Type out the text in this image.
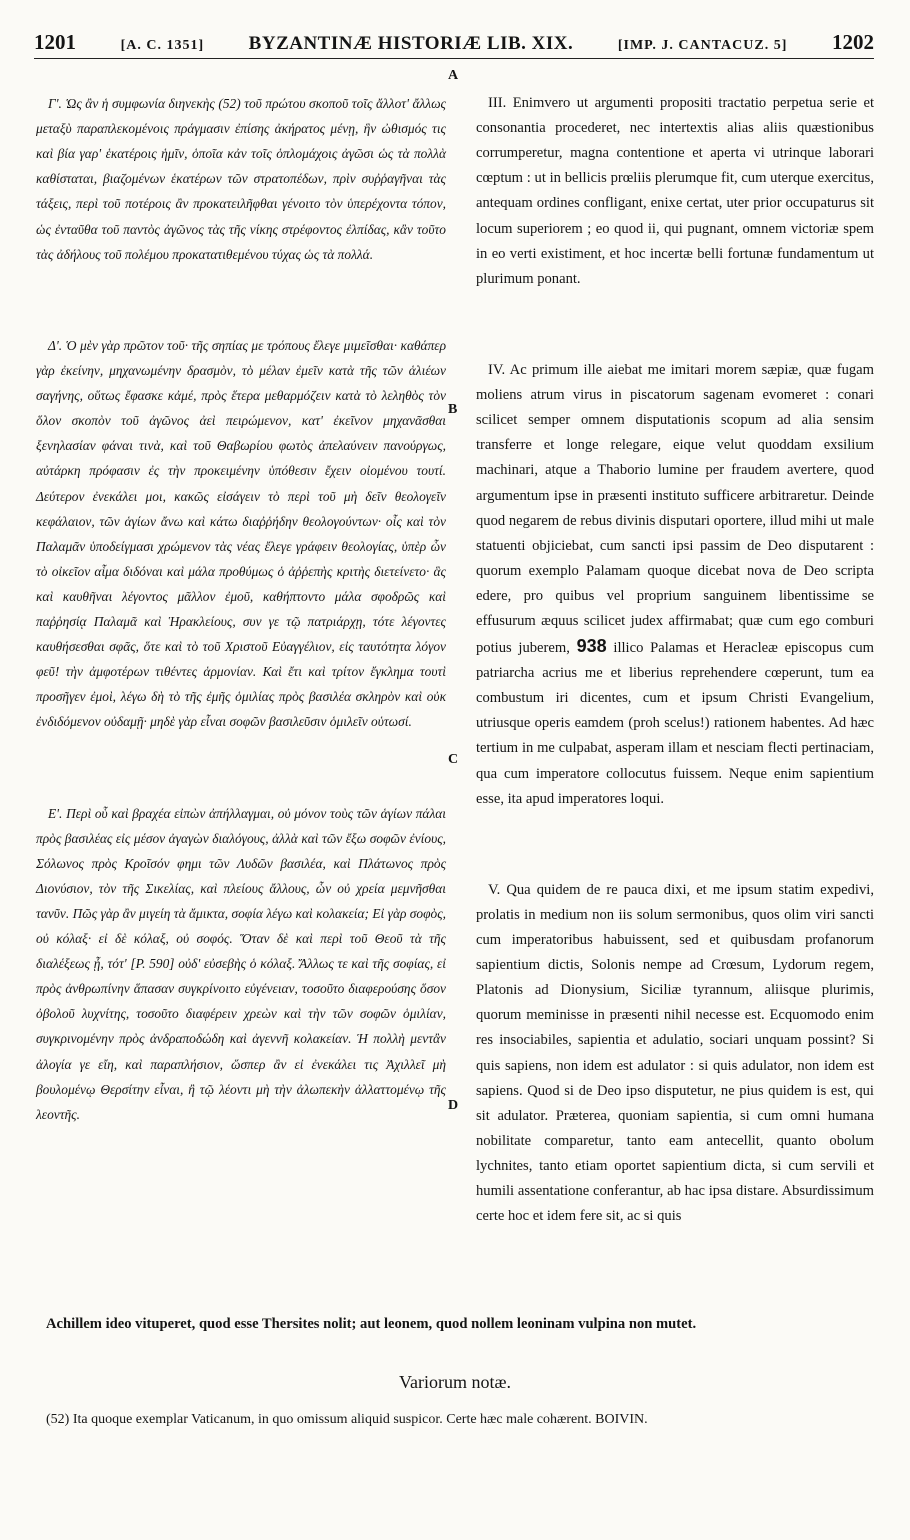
1201	[A. C. 1351] BYZANTINÆ HISTORIÆ LIB. XIX.	[IMP. J. CANTACUZ. 5] 1202

Γ'. Ὡς ἂν ἡ συμφωνία διηνεκὴς (52) τοῦ πρώτου σκοποῦ τοῖς ἄλλοτ' ἄλλως μεταξὺ παραπλεκομένοις πράγμασιν ἐπίσης ἀκήρατος μένῃ, ἣν ὠθισμός τις καὶ βία γαρ' ἑκατέροις ἡμῖν, ὁποῖα κἀν τοῖς ὁπλομάχοις ἀγῶσι ὡς τὰ πολλὰ καθίσταται, βιαζομένων ἑκατέρων τῶν στρατοπέδων, πρὶν συῤῥαγῆναι τὰς τάξεις, περὶ τοῦ ποτέροις ἂν προκατειλῆφθαι γένοιτο τὸν ὑπερέχοντα τόπον, ὡς ἐνταῦθα τοῦ παντὸς ἀγῶνος τὰς τῆς νίκης στρέφοντος ἐλπίδας, κἂν τοῦτο τὰς ἀδήλους τοῦ πολέμου προκατατιθεμένου τύχας ὡς τὰ πολλά.

Δ'. Ὁ μὲν γὰρ πρῶτον τοῦ· τῆς σηπίας με τρόπους ἔλεγε μιμεῖσθαι· καθάπερ γὰρ ἐκείνην, μηχανωμένην δρασμὸν, τὸ μέλαν ἐμεῖν κατὰ τῆς τῶν ἁλιέων σαγήνης, οὕτως ἔφασκε κἀμέ, πρὸς ἕτερα μεθαρμόζειν κατὰ τὸ λεληθὸς τὸν ὅλον σκοπὸν τοῦ ἀγῶνος ἀεὶ πειρώμενον, κατ' ἐκεῖνον μηχανᾶσθαι ξενηλασίαν φάναι τινὰ, καὶ τοῦ Θαβωρίου φωτὸς ἀπελαύνειν πανούργως, αὐτάρκη πρόφασιν ἐς τὴν προκειμένην ὑπόθεσιν ἔχειν οἰομένου τουτί. Δεύτερον ἐνεκάλει μοι, κακῶς εἰσάγειν τὸ περὶ τοῦ μὴ δεῖν θεολογεῖν κεφάλαιον, τῶν ἁγίων ἄνω καὶ κάτω διαῤῥήδην θεολογούντων· οἷς καὶ τὸν Παλαμᾶν ὑποδείγμασι χρώμενον τὰς νέας ἔλεγε γράφειν θεολογίας, ὑπὲρ ὧν τὸ οἰκεῖον αἷμα διδόναι καὶ μάλα προθύμως ὁ ἀῤῥεπὴς κριτὴς διετείνετο· ἃς καὶ καυθῆναι λέγοντος μᾶλλον ἐμοῦ, καθήπτοντο μάλα σφοδρῶς καὶ παῤῥησίᾳ Παλαμᾶ καὶ Ἡρακλείους, συν γε τῷ πατριάρχῃ, τότε λέγοντες καυθήσεσθαι σφᾶς, ὅτε καὶ τὸ τοῦ Χριστοῦ Εὐαγγέλιον, εἰς ταυτότητα λόγον φεῦ! τὴν ἀμφοτέρων τιθέντες ἁρμονίαν. Καὶ ἔτι καὶ τρίτον ἔγκλημα τουτὶ προσῆγεν ἐμοὶ, λέγω δὴ τὸ τῆς ἐμῆς ὁμιλίας πρὸς βασιλέα σκληρὸν καὶ οὐκ ἐνδιδόμενον οὐδαμῇ· μηδὲ γὰρ εἶναι σοφῶν βασιλεῦσιν ὁμιλεῖν οὑτωσί.

Ε'. Περὶ οὗ καὶ βραχέα εἰπὼν ἀπήλλαγμαι, οὐ μόνον τοὺς τῶν ἁγίων πάλαι πρὸς βασιλέας εἰς μέσον ἀγαγὼν διαλόγους, ἀλλὰ καὶ τῶν ἔξω σοφῶν ἐνίους, Σόλωνος πρὸς Κροῖσόν φημι τῶν Λυδῶν βασιλέα, καὶ Πλάτωνος πρὸς Διονύσιον, τὸν τῆς Σικελίας, καὶ πλείους ἄλλους, ὧν οὐ χρεία μεμνῆσθαι τανῦν. Πῶς γὰρ ἂν μιγείη τὰ ἄμικτα, σοφία λέγω καὶ κολακεία; Εἰ γὰρ σοφὸς, οὐ κόλαξ· εἰ δὲ κόλαξ, οὐ σοφός. Ὅταν δὲ καὶ περὶ τοῦ Θεοῦ τὰ τῆς διαλέξεως ᾖ, τότ' [P. 590] οὐδ' εὐσεβὴς ὁ κόλαξ. Ἄλλως τε καὶ τῆς σοφίας, εἰ πρὸς ἀνθρωπίνην ἅπασαν συγκρίνοιτο εὐγένειαν, τοσοῦτο διαφερούσης ὅσον ὀβολοῦ λυχνίτης, τοσοῦτο διαφέρειν χρεὼν καὶ τὴν τῶν σοφῶν ὁμιλίαν, συγκρινομένην πρὸς ἀνδραποδώδη καὶ ἀγεννῆ κολακείαν. Ἡ πολλὴ μεντἂν ἀλογία γε εἴη, καὶ παραπλήσιον, ὥσπερ ἂν εἰ ἐνεκάλει τις Ἀχιλλεῖ μὴ βουλομένῳ Θερσίτην εἶναι, ἢ τῷ λέοντι μὴ τὴν ἀλωπεκὴν ἀλλαττομένῳ τῆς λεοντῆς.

A
B
C
D

III. Enimvero ut argumenti propositi tractatio perpetua serie et consonantia procederet, nec intertextis alias aliis quæstionibus corrumperetur, magna contentione et aperta vi utrinque laborari cœptum : ut in bellicis prœliis plerumque fit, cum uterque exercitus, antequam ordines confligant, enixe certat, uter prior occupaturus sit locum superiorem ; eo quod ii, qui pugnant, omnem victoriæ spem in eo verti existiment, et hoc incertæ belli fortunæ fundamentum ut plurimum ponant.

IV. Ac primum ille aiebat me imitari morem sæpiæ, quæ fugam moliens atrum virus in piscatorum sagenam evomeret : conari scilicet semper omnem disputationis scopum ad alia sensim transferre et longe relegare, eique velut quoddam exsilium machinari, atque a Thaborio lumine per fraudem avertere, quod argumentum ipse in præsenti instituto sufficere arbitraretur. Deinde quod negarem de rebus divinis disputari oportere, illud mihi ut male statuenti objiciebat, cum sancti ipsi passim de Deo disputarent : quorum exemplo Palamam quoque dicebat nova de Deo scripta edere, pro quibus vel proprium sanguinem libentissime se effusurum æquus scilicet judex affirmabat; quæ cum ego comburi potius juberem, 938 illico Palamas et Heracleæ episcopus cum patriarcha acrius me et liberius reprehendere cœperunt, tum ea combustum iri dicentes, cum et ipsum Christi Evangelium, utriusque operis eamdem (proh scelus!) rationem habentes. Ad hæc tertium in me culpabat, asperam illam et nesciam flecti pertinaciam, qua cum imperatore collocutus fuissem. Neque enim sapientium esse, ita apud imperatores loqui.

V. Qua quidem de re pauca dixi, et me ipsum statim expedivi, prolatis in medium non iis solum sermonibus, quos olim viri sancti cum imperatoribus habuissent, sed et quibusdam profanorum sapientium dictis, Solonis nempe ad Crœsum, Lydorum regem, Platonis ad Dionysium, Siciliæ tyrannum, aliisque plurimis, quorum meminisse in præsenti nihil necesse est. Ecquomodo enim res insociabiles, sapientia et adulatio, sociari unquam possint? Si quis sapiens, non idem est adulator : si quis adulator, non idem est sapiens. Quod si de Deo ipso disputetur, ne pius quidem is est, qui sit adulator. Præterea, quoniam sapientia, si cum omni humana nobilitate comparetur, tanto eam antecellit, quanto obolum lychnites, tanto etiam oportet sapientium dicta, si cum servili et humili assentatione conferantur, ab hac ipsa distare. Absurdissimum certe hoc et idem fere sit, ac si quis

Achillem ideo vituperet, quod esse Thersites nolit; aut leonem, quod nollem leoninam vulpina non mutet.
Variorum notæ.
(52) Ita quoque exemplar Vaticanum, in quo omissum aliquid suspicor. Certe hæc male cohærent. BOIVIN.
